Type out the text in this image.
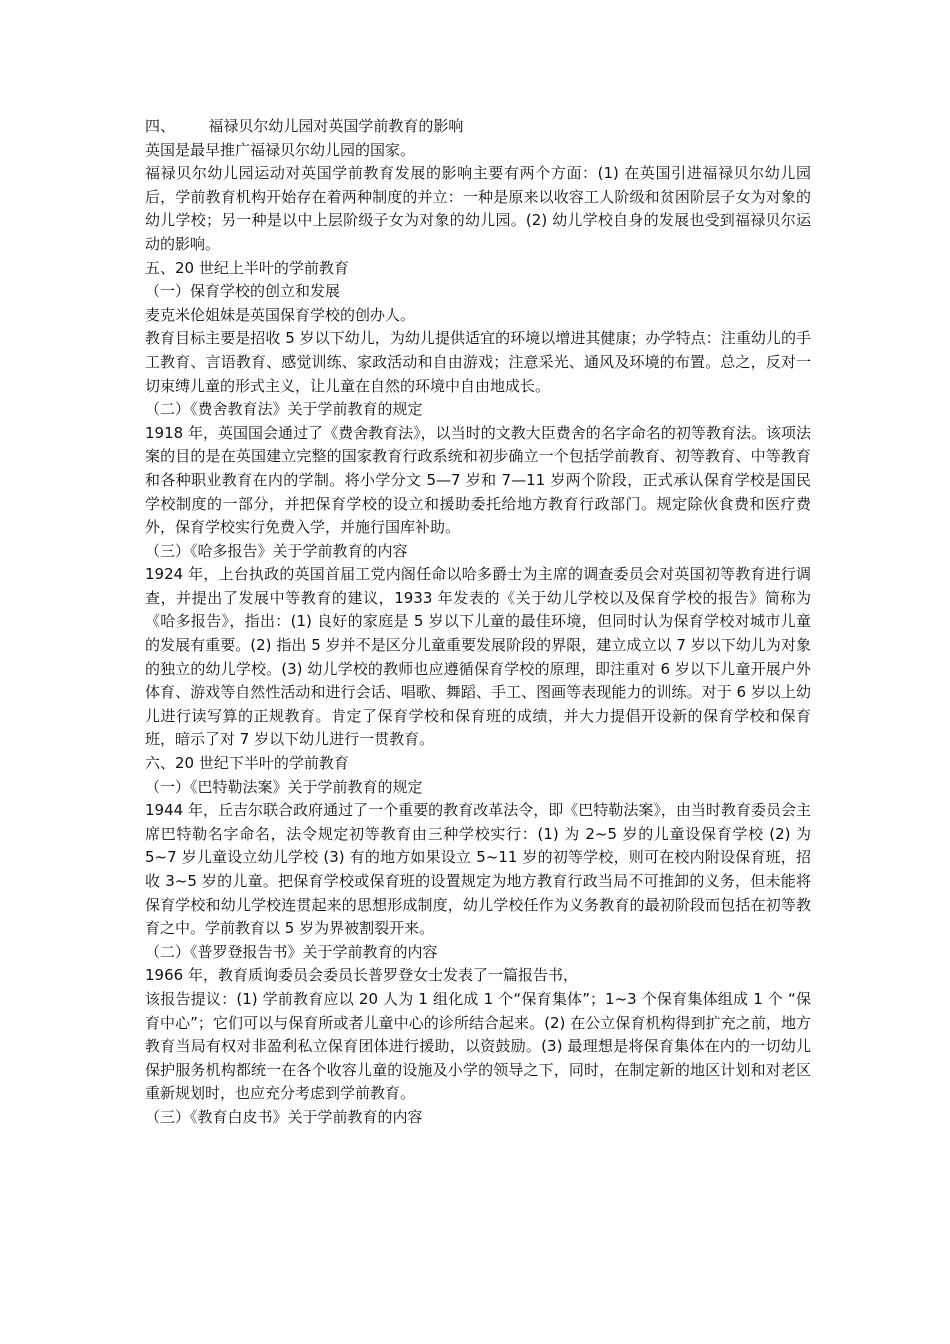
四、       福禄贝尔幼儿园对英国学前教育的影响
英国是最早推广福禄贝尔幼儿园的国家。
福禄贝尔幼儿园运动对英国学前教育发展的影响主要有两个方面：(1) 在英国引进福禄贝尔幼儿园后，学前教育机构开始存在着两种制度的并立：一种是原来以收容工人阶级和贫困阶层子女为对象的幼儿学校；另一种是以中上层阶级子女为对象的幼儿园。(2) 幼儿学校自身的发展也受到福禄贝尔运动的影响。
五、20 世纪上半叶的学前教育
（一）保育学校的创立和发展
麦克米伦姐妹是英国保育学校的创办人。
教育目标主要是招收 5 岁以下幼儿，为幼儿提供适宜的环境以增进其健康；办学特点：注重幼儿的手工教育、言语教育、感觉训练、家政活动和自由游戏；注意采光、通风及环境的布置。总之，反对一切束缚儿童的形式主义，让儿童在自然的环境中自由地成长。
（二）《费舍教育法》关于学前教育的规定
1918 年，英国国会通过了《费舍教育法》，以当时的文教大臣费舍的名字命名的初等教育法。该项法案的目的是在英国建立完整的国家教育行政系统和初步确立一个包括学前教育、初等教育、中等教育和各种职业教育在内的学制。将小学分文 5—7 岁和 7—11 岁两个阶段，正式承认保育学校是国民学校制度的一部分，并把保育学校的设立和援助委托给地方教育行政部门。规定除伙食费和医疗费外，保育学校实行免费入学，并施行国库补助。
（三）《哈多报告》关于学前教育的内容
1924 年，上台执政的英国首届工党内阁任命以哈多爵士为主席的调查委员会对英国初等教育进行调查，并提出了发展中等教育的建议，1933 年发表的《关于幼儿学校以及保育学校的报告》简称为《哈多报告》，指出：(1) 良好的家庭是 5 岁以下儿童的最佳环境，但同时认为保育学校对城市儿童的发展有重要。(2) 指出 5 岁并不是区分儿童重要发展阶段的界限，建立成立以 7 岁以下幼儿为对象的独立的幼儿学校。(3) 幼儿学校的教师也应遵循保育学校的原理，即注重对 6 岁以下儿童开展户外体育、游戏等自然性活动和进行会话、唱歌、舞蹈、手工、图画等表现能力的训练。对于 6 岁以上幼儿进行读写算的正规教育。肯定了保育学校和保育班的成绩，并大力提倡开设新的保育学校和保育班，暗示了对 7 岁以下幼儿进行一贯教育。
六、20 世纪下半叶的学前教育
（一）《巴特勒法案》关于学前教育的规定
1944 年，丘吉尔联合政府通过了一个重要的教育改革法令，即《巴特勒法案》，由当时教育委员会主席巴特勒名字命名，法令规定初等教育由三种学校实行：(1) 为 2~5 岁的儿童设保育学校 (2) 为 5~7 岁儿童设立幼儿学校 (3) 有的地方如果设立 5~11 岁的初等学校，则可在校内附设保育班，招收 3~5 岁的儿童。把保育学校或保育班的设置规定为地方教育行政当局不可推卸的义务，但未能将保育学校和幼儿学校连贯起来的思想形成制度，幼儿学校任作为义务教育的最初阶段而包括在初等教育之中。学前教育以 5 岁为界被割裂开来。
（二）《普罗登报告书》关于学前教育的内容
1966 年，教育质询委员会委员长普罗登女士发表了一篇报告书，
该报告提议：(1) 学前教育应以 20 人为 1 组化成 1 个“保育集体”；1~3 个保育集体组成 1 个 “保育中心”；它们可以与保育所或者儿童中心的诊所结合起来。(2) 在公立保育机构得到扩充之前，地方教育当局有权对非盈利私立保育团体进行援助，以资鼓励。(3) 最理想是将保育集体在内的一切幼儿保护服务机构都统一在各个收容儿童的设施及小学的领导之下，同时，在制定新的地区计划和对老区重新规划时，也应充分考虑到学前教育。
（三）《教育白皮书》关于学前教育的内容
